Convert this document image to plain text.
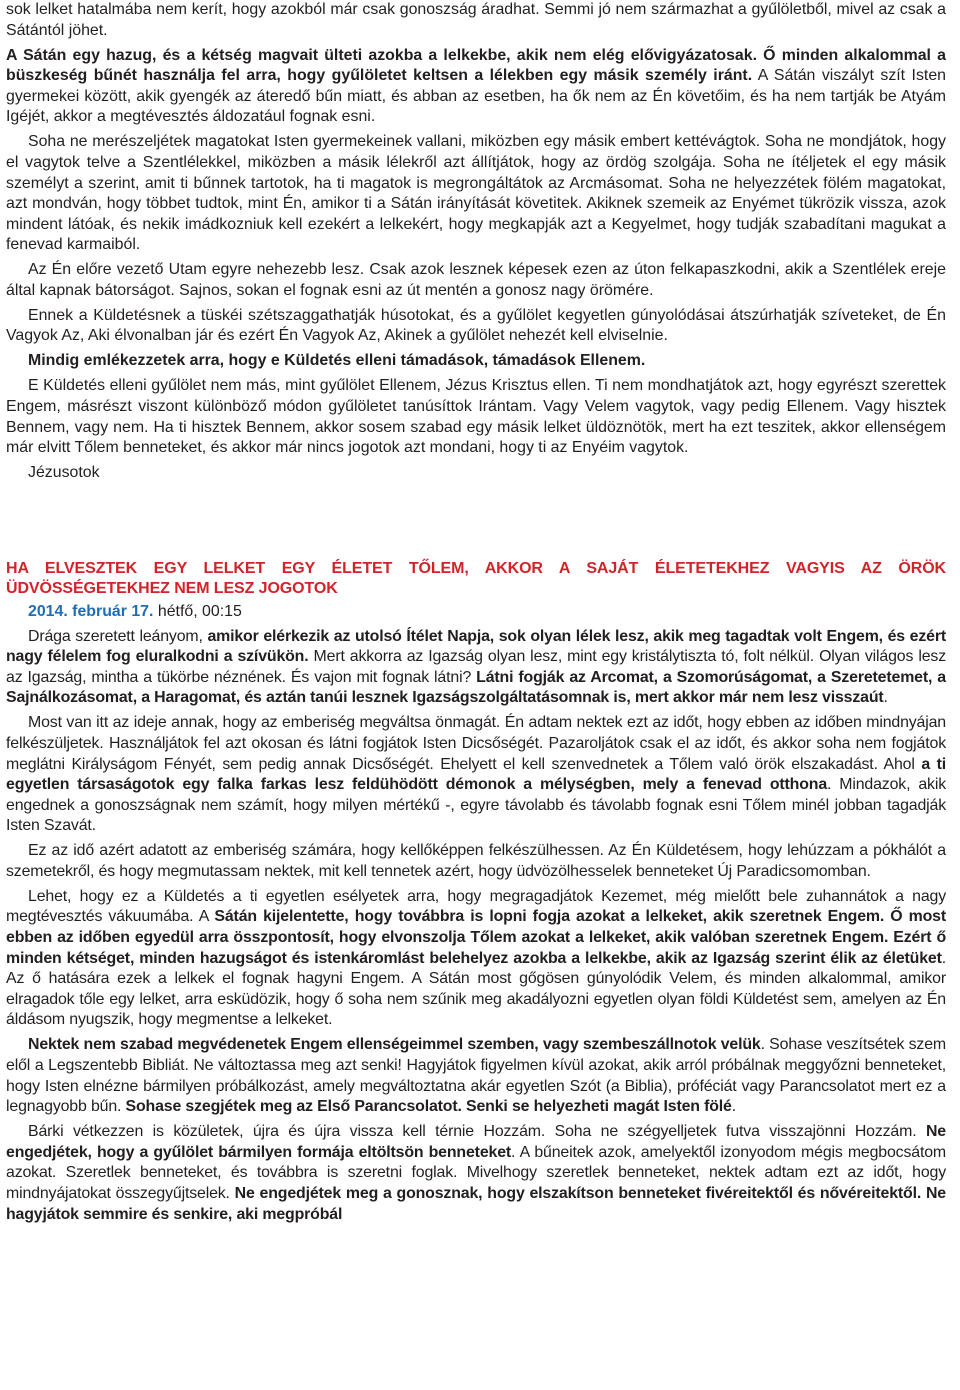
sok lelket hatalmába nem kerít, hogy azokból már csak gonoszság áradhat. Semmi jó nem származhat a gyűlöletből, mivel az csak a Sátántól jöhet.

A Sátán egy hazug, és a kétség magvait ülteti azokba a lelkekbe, akik nem elég elővigyázatosak. Ő minden alkalommal a büszkeség bűnét használja fel arra, hogy gyűlöletet keltsen a lélekben egy másik személy iránt. A Sátán viszályt szít Isten gyermekei között, akik gyengék az áteredő bűn miatt, és abban az esetben, ha ők nem az Én követőim, és ha nem tartják be Atyám Igéjét, akkor a megtévesztés áldozatául fognak esni.

Soha ne merészeljétek magatokat Isten gyermekeinek vallani, miközben egy másik embert kettévágtok. Soha ne mondjátok, hogy el vagytok telve a Szentlélekkel, miközben a másik lélekről azt állítjátok, hogy az ördög szolgája. Soha ne ítéljetek el egy másik személyt a szerint, amit ti bűnnek tartotok, ha ti magatok is megrongáltátok az Arcmásomat. Soha ne helyezzétek fölém magatokat, azt mondván, hogy többet tudtok, mint Én, amikor ti a Sátán irányítását követitek. Akiknek szemeik az Enyémet tükrözik vissza, azok mindent látóak, és nekik imádkozniuk kell ezekért a lelkekért, hogy megkapják azt a Kegyelmet, hogy tudják szabadítani magukat a fenevad karmaiból.

Az Én előre vezető Utam egyre nehezebb lesz. Csak azok lesznek képesek ezen az úton felkapaszkodni, akik a Szentlélek ereje által kapnak bátorságot. Sajnos, sokan el fognak esni az út mentén a gonosz nagy örömére.

Ennek a Küldetésnek a tüskéi szétszaggathatják húsotokat, és a gyűlölet kegyetlen gúnyolódásai átszúrhatják szíveteket, de Én Vagyok Az, Aki élvonalban jár és ezért Én Vagyok Az, Akinek a gyűlölet nehezét kell elviselnie.

Mindig emlékezzetek arra, hogy e Küldetés elleni támadások, támadások Ellenem.

E Küldetés elleni gyűlölet nem más, mint gyűlölet Ellenem, Jézus Krisztus ellen. Ti nem mondhatjátok azt, hogy egyrészt szerettek Engem, másrészt viszont különböző módon gyűlöletet tanúsíttok Irántam. Vagy Velem vagytok, vagy pedig Ellenem. Vagy hisztek Bennem, vagy nem. Ha ti hisztek Bennem, akkor sosem szabad egy másik lelket üldöznötök, mert ha ezt teszitek, akkor ellenségem már elvitt Tőlem benneteket, és akkor már nincs jogotok azt mondani, hogy ti az Enyéim vagytok.

Jézusotok

HA ELVESZTEK EGY LELKET EGY ÉLETET TŐLEM, AKKOR A SAJÁT ÉLETETEKHEZ VAGYIS AZ ÖRÖK ÜDVÖSSÉGETEKHEZ NEM LESZ JOGOTOK

2014. február 17. hétfő, 00:15

Drága szeretett leányom, amikor elérkezik az utolsó Ítélet Napja, sok olyan lélek lesz, akik meg tagadtak volt Engem, és ezért nagy félelem fog eluralkodni a szívükön. Mert akkorra az Igazság olyan lesz, mint egy kristálytiszta tó, folt nélkül. Olyan világos lesz az Igazság, mintha a tükörbe néznének. És vajon mit fognak látni? Látni fogják az Arcomat, a Szomorúságomat, a Szeretetemet, a Sajnálkozásomat, a Haragomat, és aztán tanúi lesznek Igazságszolgáltatásomnak is, mert akkor már nem lesz visszaút.

Most van itt az ideje annak, hogy az emberiség megváltsa önmagát. Én adtam nektek ezt az időt, hogy ebben az időben mindnyájan felkészüljetek. Használjátok fel azt okosan és látni fogjátok Isten Dicsőségét. Pazaroljátok csak el az időt, és akkor soha nem fogjátok meglátni Királyságom Fényét, sem pedig annak Dicsőségét. Ehelyett el kell szenvednetek a Tőlem való örök elszakadást. Ahol a ti egyetlen társaságotok egy falka farkas lesz feldühödött démonok a mélységben, mely a fenevad otthona. Mindazok, akik engednek a gonoszságnak nem számít, hogy milyen mértékű -, egyre távolabb és távolabb fognak esni Tőlem minél jobban tagadják Isten Szavát.

Ez az idő azért adatott az emberiség számára, hogy kellőképpen felkészülhessen. Az Én Küldetésem, hogy lehúzzam a pókhálót a szemetekről, és hogy megmutassam nektek, mit kell tennetek azért, hogy üdvözölhesselek benneteket Új Paradicsomomban.

Lehet, hogy ez a Küldetés a ti egyetlen esélyetek arra, hogy megragadjátok Kezemet, még mielőtt bele zuhannátok a nagy megtévesztés vákuumába. A Sátán kijelentette, hogy továbbra is lopni fogja azokat a lelkeket, akik szeretnek Engem. Ő most ebben az időben egyedül arra összpontosít, hogy elvonszolja Tőlem azokat a lelkeket, akik valóban szeretnek Engem. Ezért ő minden kétséget, minden hazugságot és istenkáromlást belehelyez azokba a lelkekbe, akik az Igazság szerint élik az életüket. Az ő hatására ezek a lelkek el fognak hagyni Engem. A Sátán most gőgösen gúnyolódik Velem, és minden alkalommal, amikor elragadok tőle egy lelket, arra esküdözik, hogy ő soha nem szűnik meg akadályozni egyetlen olyan földi Küldetést sem, amelyen az Én áldásom nyugszik, hogy megmentse a lelkeket.

Nektek nem szabad megvédenetek Engem ellenségeimmel szemben, vagy szembeszállnotok velük. Sohase veszítsétek szem elől a Legszentebb Bibliát. Ne változtassa meg azt senki! Hagyjátok figyelmen kívül azokat, akik arról próbálnak meggyőzni benneteket, hogy Isten elnézne bármilyen próbálkozást, amely megváltoztatna akár egyetlen Szót (a Biblia), próféciát vagy Parancsolatot mert ez a legnagyobb bűn. Sohase szegjétek meg az Első Parancsolatot. Senki se helyezheti magát Isten fölé.

Bárki vétkezzen is közületek, újra és újra vissza kell térnie Hozzám. Soha ne szégyelljetek futva visszajönni Hozzám. Ne engedjétek, hogy a gyűlölet bármilyen formája eltöltsön benneteket. A bűneitek azok, amelyektől izonyodom mégis megbocsátom azokat. Szeretlek benneteket, és továbbra is szeretni foglak. Mivelhogy szeretlek benneteket, nektek adtam ezt az időt, hogy mindnyájatokat összegyűjtselek. Ne engedjétek meg a gonosznak, hogy elszakítson benneteket fivéreitektől és nővéreitektől. Ne hagyjátok semmire és senkire, aki megpróbál
